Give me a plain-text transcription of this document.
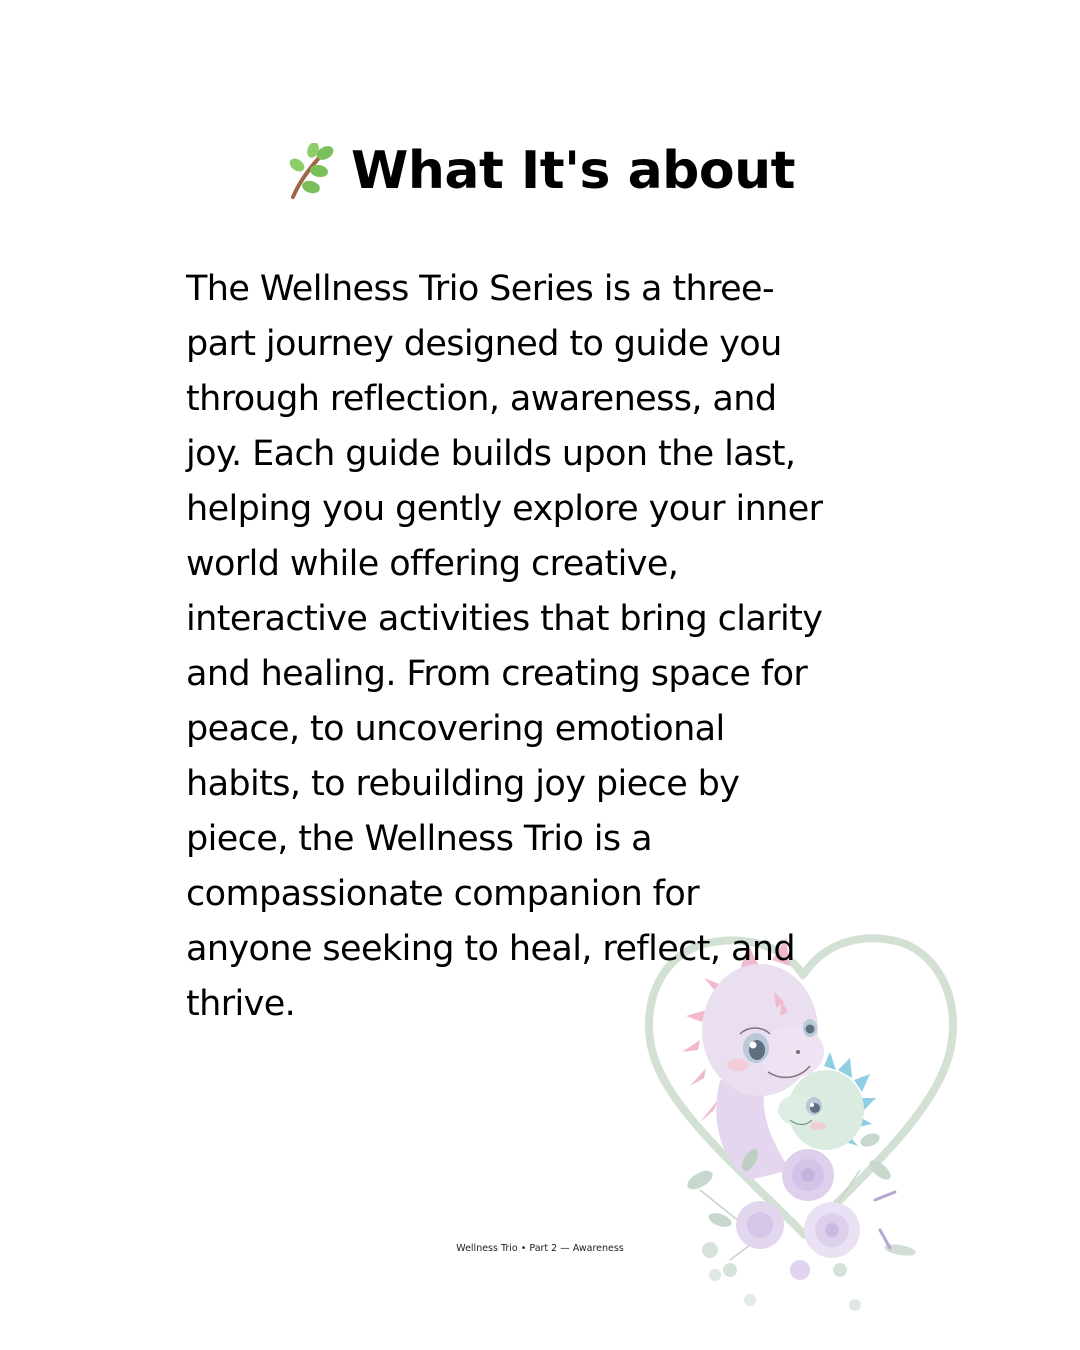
What It's about

The Wellness Trio Series is a three-
part journey designed to guide you
through reflection, awareness, and
joy. Each guide builds upon the last,
helping you gently explore your inner
world while offering creative,
interactive activities that bring clarity
and healing. From creating space for
peace, to uncovering emotional
habits, to rebuilding joy piece by
piece, the Wellness Trio is a
compassionate companion for
anyone seeking to heal, reflect, and
thrive.

Wellness Trio • Part 2 — Awareness
